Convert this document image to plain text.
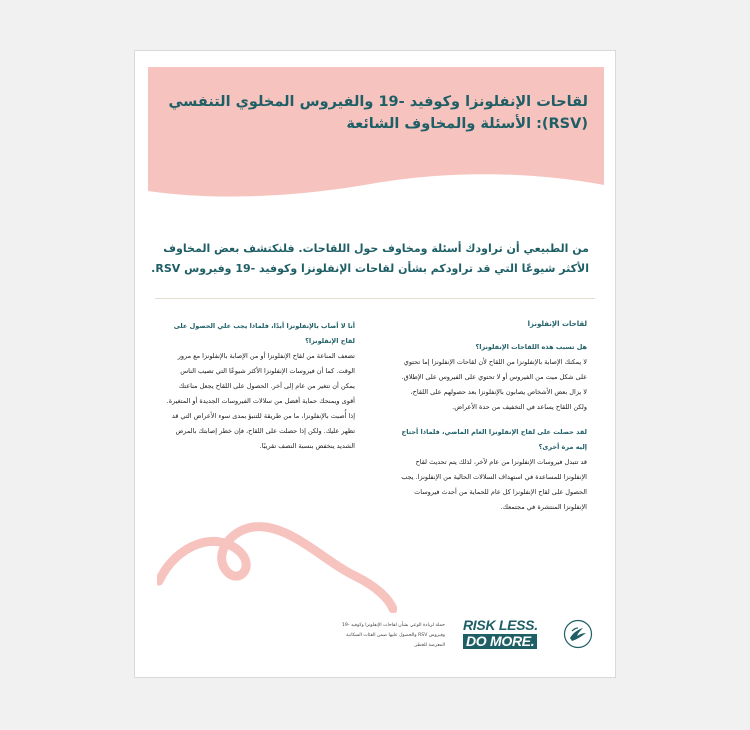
لقاحات الإنفلونزا وكوفيد -19 والفيروس المخلوي التنفسي (RSV): الأسئلة والمخاوف الشائعة

من الطبيعي أن تراودك أسئلة ومخاوف حول اللقاحات. فلنكتشف بعض المخاوف الأكثر شيوعًا التي قد تراودكم بشأن لقاحات الإنفلونزا وكوفيد -19 وفيروس RSV.

لقاحات الإنفلونزا

هل تسبب هذه اللقاحات الإنفلونزا؟

لا يمكنك الإصابة بالإنفلونزا من اللقاح لأن لقاحات الإنفلونزا إما تحتوي على شكل ميت من الفيروس أو لا تحتوي على الفيروس على الإطلاق. لا يزال بعض الأشخاص يصابون بالإنفلونزا بعد حصولهم على اللقاح، ولكن اللقاح يساعد في التخفيف من حدة الأعراض.

لقد حصلت على لقاح الإنفلونزا العام الماضي، فلماذا أحتاج إليه مرة أخرى؟

قد تتبدل فيروسات الإنفلونزا من عام لآخر، لذلك يتم تحديث لقاح الإنفلونزا للمساعدة في استهداف السلالات الحالية من الإنفلونزا. يجب الحصول على لقاح الإنفلونزا كل عام للحماية من أحدث فيروسات الإنفلونزا المنتشرة في مجتمعك.

أنا لا أصاب بالإنفلونزا أبدًا، فلماذا يجب علي الحصول على لقاح الإنفلونزا؟

تضعف المناعة من لقاح الإنفلونزا أو من الإصابة بالإنفلونزا مع مرور الوقت. كما أن فيروسات الإنفلونزا الأكثر شيوعًا التي تصيب الناس يمكن أن تتغير من عام إلى آخر. الحصول على اللقاح يجعل مناعتك أقوى ويمنحك حماية أفضل من سلالات الفيروسات الجديدة أو المتغيرة. إذا أُصبت بالإنفلونزا، ما من طريقة للتنبؤ بمدى سوء الأعراض التي قد تظهر عليك. ولكن إذا حصلت على اللقاح، فإن خطر إصابتك بالمرض الشديد ينخفض بنسبة النصف تقريبًا.

حملة لزيادة الوعي بشأن لقاحات الإنفلونزا وكوفيد -19 وفيروس RSV والحصول عليها ضمن الفئات السكانية المعرضة للخطر.

RISK LESS.
DO MORE.
